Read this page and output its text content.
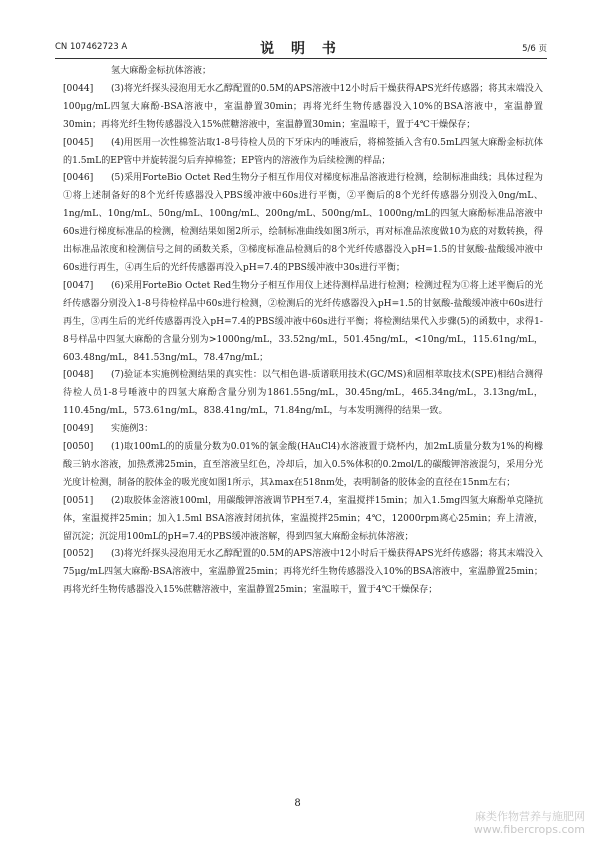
CN 107462723 A	说 明 书	5/6 页

氢大麻酚金标抗体溶液；

[0044] (3)将光纤探头浸泡用无水乙醇配置的0.5M的APS溶液中12小时后干燥获得APS光纤传感器；将其末端没入100μg/mL四氢大麻酚-BSA溶液中，室温静置30min；再将光纤生物传感器没入10%的BSA溶液中，室温静置30min；再将光纤生物传感器没入15%蔗糖溶液中，室温静置30min；室温晾干，置于4℃干燥保存；

[0045] (4)用医用一次性棉签沾取1-8号待检人员的下牙床内的唾液后，将棉签插入含有0.5mL四氢大麻酚金标抗体的1.5mL的EP管中并旋转混匀后弃掉棉签；EP管内的溶液作为后续检测的样品；

[0046] (5)采用ForteBio Octet Red生物分子相互作用仪对梯度标准品溶液进行检测，绘制标准曲线；具体过程为①将上述制备好的8个光纤传感器没入PBS缓冲液中60s进行平衡，②平衡后的8个光纤传感器分别没入0ng/mL、1ng/mL、10ng/mL、50ng/mL、100ng/mL、200ng/mL、500ng/mL、1000ng/mL的四氢大麻酚标准品溶液中60s进行梯度标准品的检测，检测结果如图2所示，绘制标准曲线如图3所示，再对标准品浓度做10为底的对数转换，得出标准品浓度和检测信号之间的函数关系，③梯度标准品检测后的8个光纤传感器没入pH=1.5的甘氨酸-盐酸缓冲液中60s进行再生，④再生后的光纤传感器再没入pH=7.4的PBS缓冲液中30s进行平衡；

[0047] (6)采用ForteBio Octet Red生物分子相互作用仪上述待测样品进行检测；检测过程为①将上述平衡后的光纤传感器分别没入1-8号待检样品中60s进行检测，②检测后的光纤传感器没入pH=1.5的甘氨酸-盐酸缓冲液中60s进行再生，③再生后的光纤传感器再没入pH=7.4的PBS缓冲液中60s进行平衡；将检测结果代入步骤(5)的函数中，求得1-8号样品中四氢大麻酚的含量分别为>1000ng/mL，33.52ng/mL，501.45ng/mL，<10ng/mL，115.61ng/mL，603.48ng/mL，841.53ng/mL，78.47ng/mL；

[0048] (7)验证本实施例检测结果的真实性：以气相色谱-质谱联用技术(GC/MS)和固相萃取技术(SPE)相结合测得待检人员1-8号唾液中的四氢大麻酚含量分别为1861.55ng/mL，30.45ng/mL，465.34ng/mL，3.13ng/mL，110.45ng/mL，573.61ng/mL，838.41ng/mL，71.84ng/mL，与本发明测得的结果一致。

[0049] 实施例3：

[0050] (1)取100mL的的质量分数为0.01%的氯金酸(HAuCl4)水溶液置于烧杯内，加2mL质量分数为1%的枸橼酸三钠水溶液，加热煮沸25min，直至溶液呈红色，冷却后，加入0.5%体积的0.2mol/L的碳酸钾溶液混匀，采用分光光度计检测，制备的胶体金的吸光度如图1所示，其λmax在518nm处，表明制备的胶体金的直径在15nm左右；

[0051] (2)取胶体金溶液100ml，用碳酸钾溶液调节PH至7.4，室温搅拌15min；加入1.5mg四氢大麻酚单克隆抗体，室温搅拌25min；加入1.5ml BSA溶液封闭抗体，室温搅拌25min；4℃，12000rpm离心25min；弃上清液，留沉淀；沉淀用100mL的pH=7.4的PBS缓冲液溶解，得到四氢大麻酚金标抗体溶液；

[0052] (3)将光纤探头浸泡用无水乙醇配置的0.5M的APS溶液中12小时后干燥获得APS光纤传感器；将其末端没入75μg/mL四氢大麻酚-BSA溶液中，室温静置25min；再将光纤生物传感器没入10%的BSA溶液中，室温静置25min；再将光纤生物传感器没入15%蔗糖溶液中，室温静置25min；室温晾干，置于4℃干燥保存；

8
麻类作物营养与施肥网
www.fibercrops.com
